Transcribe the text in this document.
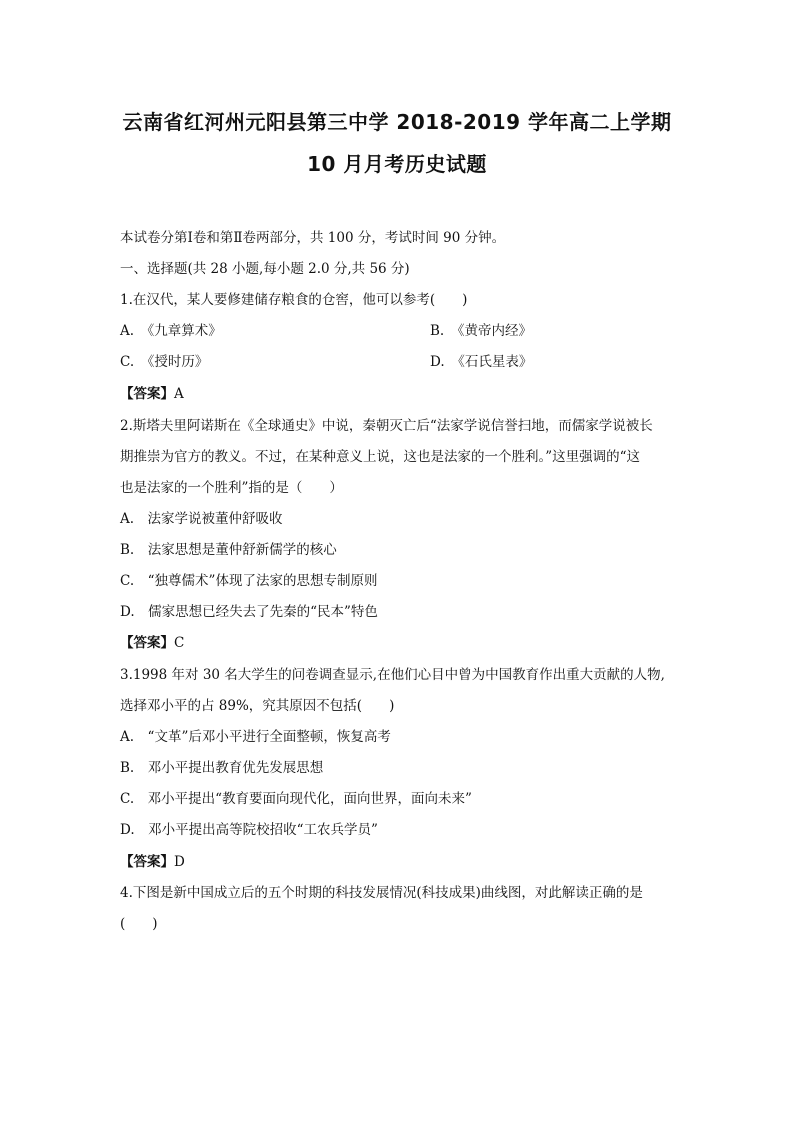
云南省红河州元阳县第三中学 2018-2019 学年高二上学期
10 月月考历史试题
本试卷分第Ⅰ卷和第Ⅱ卷两部分，共 100 分，考试时间 90 分钟。
一、选择题(共 28 小题,每小题 2.0 分,共 56 分)
1.在汉代，某人要修建储存粮食的仓窖，他可以参考(　　)
A.　《九章算术》	B.　《黄帝内经》
C.　《授时历》	D.　《石氏星表》
【答案】A
2.斯塔夫里阿诺斯在《全球通史》中说，秦朝灭亡后“法家学说信誉扫地，而儒家学说被长
期推崇为官方的教义。不过，在某种意义上说，这也是法家的一个胜利。”这里强调的“这
也是法家的一个胜利”指的是（　　）
A.　法家学说被董仲舒吸收
B.　法家思想是董仲舒新儒学的核心
C.　“独尊儒术”体现了法家的思想专制原则
D.　儒家思想已经失去了先秦的“民本”特色
【答案】C
3.1998 年对 30 名大学生的问卷调查显示,在他们心目中曾为中国教育作出重大贡献的人物,
选择邓小平的占 89%，究其原因不包括(　　)
A.　“文革”后邓小平进行全面整顿，恢复高考
B.　邓小平提出教育优先发展思想
C.　邓小平提出“教育要面向现代化，面向世界，面向未来”
D.　邓小平提出高等院校招收“工农兵学员”
【答案】D
4.下图是新中国成立后的五个时期的科技发展情况(科技成果)曲线图，对此解读正确的是
(　　)
